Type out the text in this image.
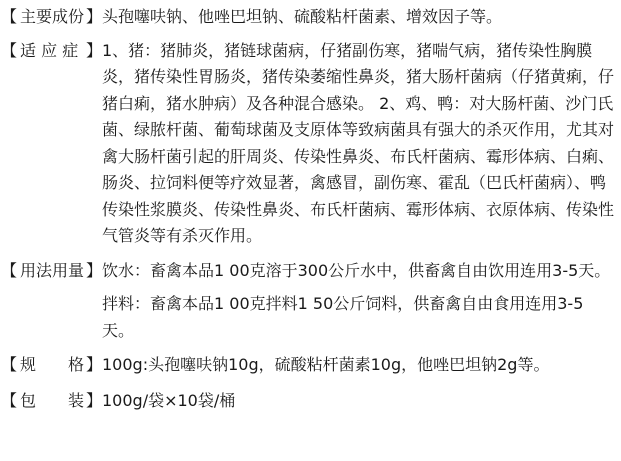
【 主要成份 】 头孢噻呋钠、他唑巴坦钠、硫酸粘杆菌素、增效因子等。

【 适 应 症 】 1、猪：猪肺炎，猪链球菌病，仔猪副伤寒，猪喘气病，猪传染性胸膜炎，猪传染性胃肠炎，猪传染萎缩性鼻炎，猪大肠杆菌病（仔猪黄痢，仔猪白痢，猪水肿病）及各种混合感染。 2、鸡、鸭：对大肠杆菌、沙门氏菌、绿脓杆菌、葡萄球菌及支原体等致病菌具有强大的杀灭作用，尤其对禽大肠杆菌引起的肝周炎、传染性鼻炎、布氏杆菌病、霉形体病、白痢、肠炎、拉饲料便等疗效显著，禽感冒，副伤寒、霍乱（巴氏杆菌病）、鸭传染性浆膜炎、传染性鼻炎、布氏杆菌病、霉形体病、衣原体病、传染性气管炎等有杀灭作用。

【 用法用量 】 饮水：畜禽本品1 00克溶于300公斤水中，供畜禽自由饮用连用3-5天。

拌料：畜禽本品1 00克拌料1 50公斤饲料，供畜禽自由食用连用3-5天。

【 规 格 】 100g:头孢噻呋钠10g，硫酸粘杆菌素10g，他唑巴坦钠2g等。

【 包 装 】 100g/袋×10袋/桶
